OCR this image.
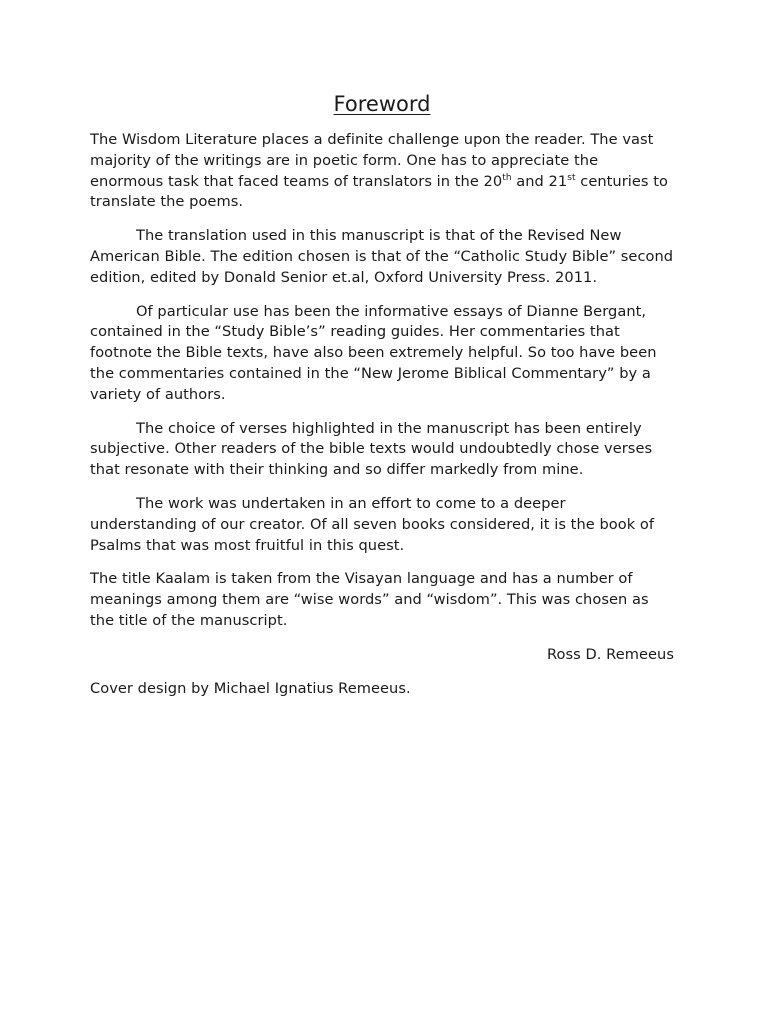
Foreword

The Wisdom Literature places a definite challenge upon the reader. The vast majority of the writings are in poetic form. One has to appreciate the enormous task that faced teams of translators in the 20th and 21st centuries to translate the poems.

The translation used in this manuscript is that of the Revised New American Bible. The edition chosen is that of the “Catholic Study Bible” second edition, edited by Donald Senior et.al, Oxford University Press. 2011.

Of particular use has been the informative essays of Dianne Bergant, contained in the “Study Bible’s” reading guides. Her commentaries that footnote the Bible texts, have also been extremely helpful. So too have been the commentaries contained in the “New Jerome Biblical Commentary” by a variety of authors.

The choice of verses highlighted in the manuscript has been entirely subjective. Other readers of the bible texts would undoubtedly chose verses that resonate with their thinking and so differ markedly from mine.

The work was undertaken in an effort to come to a deeper understanding of our creator. Of all seven books considered, it is the book of Psalms that was most fruitful in this quest.

The title Kaalam is taken from the Visayan language and has a number of meanings among them are “wise words” and “wisdom”. This was chosen as the title of the manuscript.

Ross D. Remeeus

Cover design by Michael Ignatius Remeeus.
